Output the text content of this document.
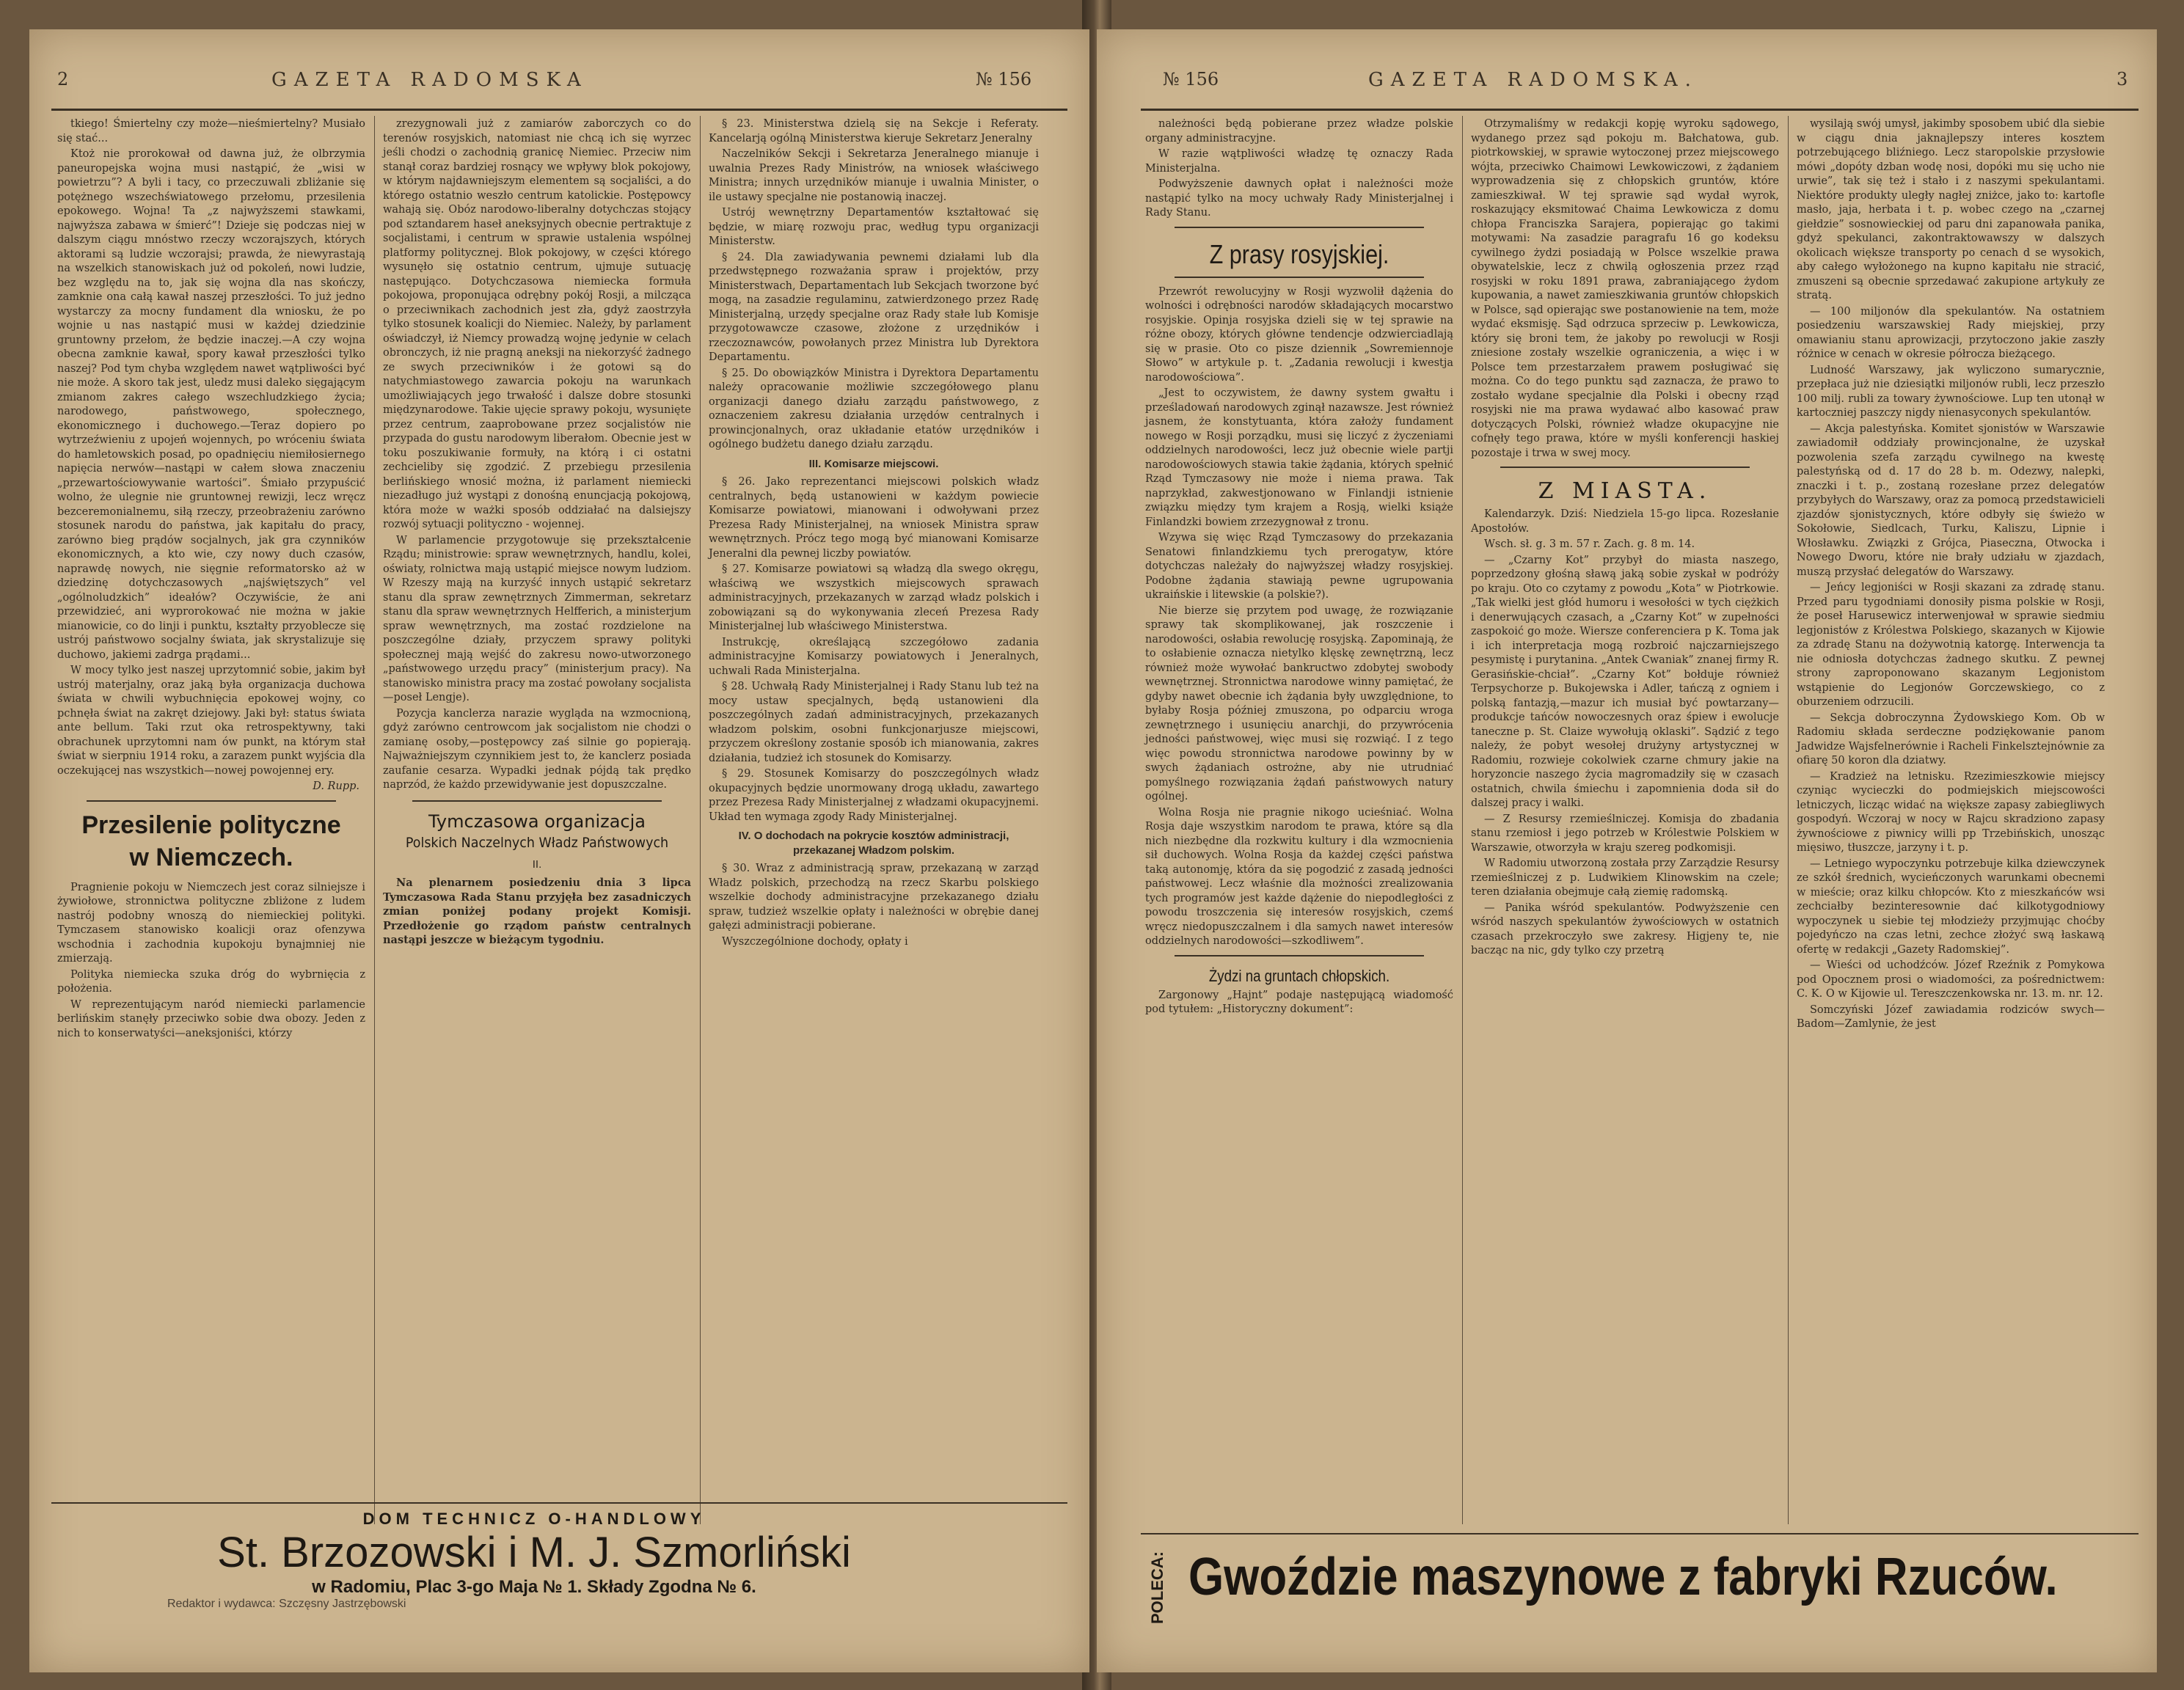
2	GAZETA RADOMSKA	№ 156

tkiego! Śmiertelny czy może—nieśmiertelny? Musiało się stać...

Ktoż nie prorokował od dawna już, że olbrzymia paneuropejska wojna musi nastąpić, że „wisi w powietrzu”? A byli i tacy, co przeczuwali zbliżanie się potężnego wszechświatowego przełomu, przesilenia epokowego. Wojna! Ta „z najwyższemi stawkami, najwyższa zabawa w śmierć”! Dzieje się podczas niej w dalszym ciągu mnóstwo rzeczy wczorajszych, których aktorami są ludzie wczorajsi; prawda, że niewyrastają na wszelkich stanowiskach już od pokoleń, nowi ludzie, bez względu na to, jak się wojna dla nas skończy, zamknie ona całą kawał naszej przeszłości. To już jedno wystarczy za mocny fundament dla wniosku, że po wojnie u nas nastąpić musi w każdej dziedzinie gruntowny przełom, że będzie inaczej.—A czy wojna obecna zamknie kawał, spory kawał przeszłości tylko naszej? Pod tym chyba względem nawet wątpliwości być nie może. A skoro tak jest, uledz musi daleko sięgającym zmianom zakres całego wszechludzkiego życia; narodowego, państwowego, społecznego, ekonomicznego i duchowego.—Teraz dopiero po wytrzeźwieniu z upojeń wojennych, po wróceniu świata do hamletowskich posad, po opadnięciu niemiłosiernego napięcia nerwów—nastąpi w całem słowa znaczeniu „przewartościowywanie wartości”. Śmiało przypuścić wolno, że ulegnie nie gruntownej rewizji, lecz wręcz bezceremonialnemu, siłą rzeczy, przeobrażeniu zarówno stosunek narodu do państwa, jak kapitału do pracy, zarówno bieg prądów socjalnych, jak gra czynników ekonomicznych, a kto wie, czy nowy duch czasów, naprawdę nowych, nie sięgnie reformatorsko aż w dziedzinę dotychczasowych „najświętszych” vel „ogólnoludzkich” ideałów? Oczywiście, że ani przewidzieć, ani wyprorokować nie można w jakie mianowicie, co do linji i punktu, kształty przyoblecze się ustrój państwowo socjalny świata, jak skrystalizuje się duchowo, jakiemi zadrga prądami...

W mocy tylko jest naszej uprzytomnić sobie, jakim był ustrój materjalny, oraz jaką była organizacja duchowa świata w chwili wybuchnięcia epokowej wojny, co pchnęła świat na zakręt dziejowy. Jaki był: status świata ante bellum. Taki rzut oka retrospektywny, taki obrachunek uprzytomni nam ów punkt, na którym stał świat w sierpniu 1914 roku, a zarazem punkt wyjścia dla oczekującej nas wszystkich—nowej powojennej ery.

D. Rupp.
Przesilenie polityczne
w Niemczech.

Pragnienie pokoju w Niemczech jest coraz silniejsze i żywiołowe, stronnictwa polityczne zbliżone z ludem nastrój podobny wnoszą do niemieckiej polityki. Tymczasem stanowisko koalicji oraz ofenzywa wschodnia i zachodnia kupokoju bynajmniej nie zmierzają.

Polityka niemiecka szuka dróg do wybrnięcia z położenia.

W reprezentującym naród niemiecki parlamencie berlińskim stanęły przeciwko sobie dwa obozy. Jeden z nich to konserwatyści—aneksjoniści, którzy

zrezygnowali już z zamiarów zaborczych co do terenów rosyjskich, natomiast nie chcą ich się wyrzec jeśli chodzi o zachodnią granicę Niemiec. Przeciw nim stanął coraz bardziej rosnący we wpływy blok pokojowy, w którym najdawniejszym elementem są socjaliści, a do którego ostatnio weszło centrum katolickie. Postępowcy wahają się. Obóz narodowo-liberalny dotychczas stojący pod sztandarem haseł aneksyjnych obecnie pertraktuje z socjalistami, i centrum w sprawie ustalenia wspólnej platformy politycznej. Blok pokojowy, w części którego wysunęło się ostatnio centrum, ujmuje sutuację następująco. Dotychczasowa niemiecka formuła pokojowa, proponująca odrębny pokój Rosji, a milcząca o przeciwnikach zachodnich jest zła, gdyż zaostrzyła tylko stosunek koalicji do Niemiec. Należy, by parlament oświadczył, iż Niemcy prowadzą wojnę jedynie w celach obronczych, iż nie pragną aneksji na niekorzyść żadnego ze swych przeciwników i że gotowi są do natychmiastowego zawarcia pokoju na warunkach umożliwiających jego trwałość i dalsze dobre stosunki międzynarodowe. Takie ujęcie sprawy pokoju, wysunięte przez centrum, zaaprobowane przez socjalistów nie przypada do gustu narodowym liberałom. Obecnie jest w toku poszukiwanie formuły, na którą i ci ostatni zechcieliby się zgodzić. Z przebiegu przesilenia berlińskiego wnosić można, iż parlament niemiecki niezadługo już wystąpi z donośną enuncjacją pokojową, która może w ważki sposób oddziałać na dalsiejszy rozwój sytuacji polityczno - wojennej.

W parlamencie przygotowuje się przekształcenie Rządu; ministrowie: spraw wewnętrznych, handlu, kolei, oświaty, rolnictwa mają ustąpić miejsce nowym ludziom. W Rzeszy mają na kurzyść innych ustąpić sekretarz stanu dla spraw zewnętrznych Zimmerman, sekretarz stanu dla spraw wewnętrznych Helfferich, a ministerjum spraw wewnętrznych, ma zostać rozdzielone na poszczególne działy, przyczem sprawy polityki społecznej mają wejść do zakresu nowo-utworzonego „państwowego urzędu pracy” (ministerjum pracy). Na stanowisko ministra pracy ma zostać powołany socjalista—poseł Lengje).

Pozycja kanclerza narazie wygląda na wzmocnioną, gdyż zarówno centrowcom jak socjalistom nie chodzi o zamianę osoby,—postępowcy zaś silnie go popierają. Najważniejszym czynnikiem jest to, że kanclerz posiada zaufanie cesarza. Wypadki jednak pójdą tak prędko naprzód, że każdo przewidywanie jest dopuszczalne.

Tymczasowa organizacja
Polskich Naczelnych Władz Państwowych
II.

Na plenarnem posiedzeniu dnia 3 lipca Tymczasowa Rada Stanu przyjęła bez zasadniczych zmian poniżej podany projekt Komisji. Przedłożenie go rządom państw centralnych nastąpi jeszcze w bieżącym tygodniu.

§ 23. Ministerstwa dzielą się na Sekcje i Referaty. Kancelarją ogólną Ministerstwa kieruje Sekretarz Jeneralny

Naczelników Sekcji i Sekretarza Jeneralnego mianuje i uwalnia Prezes Rady Ministrów, na wniosek właściwego Ministra; innych urzędników mianuje i uwalnia Minister, o ile ustawy specjalne nie postanowią inaczej.

Ustrój wewnętrzny Departamentów kształtować się będzie, w miarę rozwoju prac, według typu organizacji Ministerstw.

§ 24. Dla zawiadywania pewnemi działami lub dla przedwstępnego rozważania spraw i projektów, przy Ministerstwach, Departamentach lub Sekcjach tworzone być mogą, na zasadzie regulaminu, zatwierdzonego przez Radę Ministerjalną, urzędy specjalne oraz Rady stałe lub Komisje przygotowawcze czasowe, złożone z urzędników i rzeczoznawców, powołanych przez Ministra lub Dyrektora Departamentu.

§ 25. Do obowiązków Ministra i Dyrektora Departamentu należy opracowanie możliwie szczegółowego planu organizacji danego działu zarządu państwowego, z oznaczeniem zakresu działania urzędów centralnych i prowincjonalnych, oraz układanie etatów urzędników i ogólnego budżetu danego działu zarządu.

III. Komisarze miejscowi.

§ 26. Jako reprezentanci miejscowi polskich władz centralnych, będą ustanowieni w każdym powiecie Komisarze powiatowi, mianowani i odwoływani przez Prezesa Rady Ministerjalnej, na wniosek Ministra spraw wewnętrznych. Prócz tego mogą być mianowani Komisarze Jeneralni dla pewnej liczby powiatów.

§ 27. Komisarze powiatowi są władzą dla swego okręgu, właściwą we wszystkich miejscowych sprawach administracyjnych, przekazanych w zarząd władz polskich i zobowiązani są do wykonywania zleceń Prezesa Rady Ministerjalnej lub właściwego Ministerstwa.

Instrukcję, określającą szczegółowo zadania administracyjne Komisarzy powiatowych i Jeneralnych, uchwali Rada Ministerjalna.

§ 28. Uchwałą Rady Ministerjalnej i Rady Stanu lub też na mocy ustaw specjalnych, będą ustanowieni dla poszczególnych zadań administracyjnych, przekazanych władzom polskim, osobni funkcjonarjusze miejscowi, przyczem określony zostanie sposób ich mianowania, zakres działania, tudzież ich stosunek do Komisarzy.

§ 29. Stosunek Komisarzy do poszczególnych władz okupacyjnych będzie unormowany drogą układu, zawartego przez Prezesa Rady Ministerjalnej z władzami okupacyjnemi. Układ ten wymaga zgody Rady Ministerjalnej.

IV. O dochodach na pokrycie kosztów administracji, przekazanej Władzom polskim.

§ 30. Wraz z administracją spraw, przekazaną w zarząd Władz polskich, przechodzą na rzecz Skarbu polskiego wszelkie dochody administracyjne przekazanego działu spraw, tudzież wszelkie opłaty i należności w obrębie danej gałęzi administracji pobierane.

Wyszczególnione dochody, opłaty i

DOM TECHNICZ O-HANDLOWY
St. Brzozowski i M. J. Szmorliński
w Radomiu, Plac 3-go Maja № 1. Składy Zgodna № 6.
Redaktor i wydawca: Szczęsny Jastrzębowski
№ 156	GAZETA RADOMSKA.	3

należności będą pobierane przez władze polskie organy administracyjne.

W razie wątpliwości władzę tę oznaczy Rada Ministerjalna.

Podwyższenie dawnych opłat i należności może nastąpić tylko na mocy uchwały Rady Ministerjalnej i Rady Stanu.

Z prasy rosyjskiej.

Przewrót rewolucyjny w Rosji wyzwolił dążenia do wolności i odrębności narodów składających mocarstwo rosyjskie. Opinja rosyjska dzieli się w tej sprawie na różne obozy, których główne tendencje odzwierciadlają się w prasie. Oto co pisze dziennik „Sowremiennoje Słowo” w artykule p. t. „Zadania rewolucji i kwestja narodowościowa”.

„Jest to oczywistem, że dawny system gwałtu i prześladowań narodowych zginął nazawsze. Jest również jasnem, że konstytuanta, która założy fundament nowego w Rosji porządku, musi się liczyć z życzeniami oddzielnych narodowości, lecz już obecnie wiele partji narodowościowych stawia takie żądania, których spełnić Rząd Tymczasowy nie może i niema prawa. Tak naprzykład, zakwestjonowano w Finlandji istnienie związku między tym krajem a Rosją, wielki książe Finlandzki bowiem zrzezygnował z tronu.

Wzywa się więc Rząd Tymczasowy do przekazania Senatowi finlandzkiemu tych prerogatyw, które dotychczas należały do najwyższej władzy rosyjskiej. Podobne żądania stawiają pewne ugrupowania ukraińskie i litewskie (a polskie?).

Nie bierze się przytem pod uwagę, że rozwiązanie sprawy tak skomplikowanej, jak roszczenie i narodowości, osłabia rewolucję rosyjską. Zapominają, że to osłabienie oznacza nietylko klęskę zewnętrzną, lecz również może wywołać bankructwo zdobytej swobody wewnętrznej. Stronnictwa narodowe winny pamiętać, że gdyby nawet obecnie ich żądania były uwzględnione, to byłaby Rosja później zmuszona, po odparciu wroga zewnętrznego i usunięciu anarchji, do przywrócenia jedności państwowej, więc musi się rozwiąć. I z tego więc powodu stronnictwa narodowe powinny by w swych żądaniach ostrożne, aby nie utrudniać pomyślnego rozwiązania żądań państwowych natury ogólnej.

Wolna Rosja nie pragnie nikogo ucieśniać. Wolna Rosja daje wszystkim narodom te prawa, które są dla nich niezbędne dla rozkwitu kultury i dla wzmocnienia sił duchowych. Wolna Rosja da każdej części państwa taką autonomję, która da się pogodzić z zasadą jedności państwowej. Lecz właśnie dla możności zrealizowania tych programów jest każde dążenie do niepodległości z powodu troszczenia się interesów rosyjskich, czemś wręcz niedopuszczalnem i dla samych nawet interesów oddzielnych narodowości—szkodliwem”.

Żydzi na gruntach chłopskich.

Zargonowy „Hajnt” podaje następującą wiadomość pod tytułem: „Historyczny dokument”:

Otrzymaliśmy w redakcji kopję wyroku sądowego, wydanego przez sąd pokoju m. Bałchatowa, gub. piotrkowskiej, w sprawie wytoczonej przez miejscowego wójta, przeciwko Chaimowi Lewkowiczowi, z żądaniem wyprowadzenia się z chłopskich gruntów, które zamieszkiwał. W tej sprawie sąd wydał wyrok, roskazujący eksmitować Chaima Lewkowicza z domu chłopa Franciszka Sarajera, popierając go takimi motywami: Na zasadzie paragrafu 16 go kodeksu cywilnego żydzi posiadają w Polsce wszelkie prawa obywatelskie, lecz z chwilą ogłoszenia przez rząd rosyjski w roku 1891 prawa, zabraniającego żydom kupowania, a nawet zamieszkiwania gruntów chłopskich w Polsce, sąd opierając swe postanowienie na tem, może wydać eksmisję. Sąd odrzuca sprzeciw p. Lewkowicza, który się broni tem, że jakoby po rewolucji w Rosji zniesione zostały wszelkie ograniczenia, a więc i w Polsce tem przestarzałem prawem posługiwać się można. Co do tego punktu sąd zaznacza, że prawo to zostało wydane specjalnie dla Polski i obecny rząd rosyjski nie ma prawa wydawać albo kasować praw dotyczących Polski, również władze okupacyjne nie cofnęły tego prawa, które w myśli konferencji haskiej pozostaje i trwa w swej mocy.

Z MIASTA.

Kalendarzyk. Dziś: Niedziela 15-go lipca. Rozesłanie Apostołów.

Wsch. sł. g. 3 m. 57 r. Zach. g. 8 m. 14.

— „Czarny Kot” przybył do miasta naszego, poprzedzony głośną sławą jaką sobie zyskał w podróży po kraju. Oto co czytamy z powodu „Kota” w Piotrkowie. „Tak wielki jest głód humoru i wesołości w tych ciężkich i denerwujących czasach, a „Czarny Kot” w zupełności zaspokoić go może. Wiersze conferenciera p K. Toma jak i ich interpretacja mogą rozbroić najczarniejszego pesymistę i purytanina. „Antek Cwaniak” znanej firmy R. Gerasińskie-chciał”. „Czarny Kot” bołduje również Terpsychorze p. Bukojewska i Adler, tańczą z ogniem i polską fantazją,—mazur ich musiał być powtarzany—produkcje tańców nowoczesnych oraz śpiew i ewolucje taneczne p. St. Claize wywołują oklaski”. Sądzić z tego należy, że pobyt wesołej drużyny artystycznej w Radomiu, rozwieje cokolwiek czarne chmury jakie na horyzoncie naszego życia magromadziły się w czasach ostatnich, chwila śmiechu i zapomnienia doda sił do dalszej pracy i walki.

— Z Resursy rzemieślniczej. Komisja do zbadania stanu rzemiosł i jego potrzeb w Królestwie Polskiem w Warszawie, otworzyła w kraju szereg podkomisji.

W Radomiu utworzoną została przy Zarządzie Resursy rzemieślniczej z p. Ludwikiem Klinowskim na czele; teren działania obejmuje całą ziemię radomską.

— Panika wśród spekulantów. Podwyższenie cen wśród naszych spekulantów żywościowych w ostatnich czasach przekroczyło swe zakresy. Higjeny te, nie bacząc na nic, gdy tylko czy przetrą

wysilają swój umysł, jakimby sposobem ubić dla siebie w ciągu dnia jaknajlepszy interes kosztem potrzebującego bliźniego. Lecz staropolskie przysłowie mówi „dopóty dzban wodę nosi, dopóki mu się ucho nie urwie”, tak się też i stało i z naszymi spekulantami. Niektóre produkty uległy nagłej zniżce, jako to: kartofle masło, jaja, herbata i t. p. wobec czego na „czarnej giełdzie” sosnowieckiej od paru dni zapanowała panika, gdyż spekulanci, zakontraktowawszy w dalszych okolicach większe transporty po cenach d se wysokich, aby całego wyłożonego na kupno kapitału nie stracić, zmuszeni są obecnie sprzedawać zakupione artykuły ze stratą.

— 100 miljonów dla spekulantów. Na ostatniem posiedzeniu warszawskiej Rady miejskiej, przy omawianiu stanu aprowizacji, przytoczono jakie zaszły różnice w cenach w okresie półrocza bieżącego.

Ludność Warszawy, jak wyliczono sumarycznie, przepłaca już nie dziesiątki miljonów rubli, lecz przeszło 100 milj. rubli za towary żywnościowe. Lup ten utonął w kartoczniej paszczy nigdy nienasyconych spekulantów.

— Akcja palestyńska. Komitet sjonistów w Warszawie zawiadomił oddziały prowincjonalne, że uzyskał pozwolenia szefa zarządu cywilnego na kwestę palestyńską od d. 17 do 28 b. m. Odezwy, nalepki, znaczki i t. p., zostaną rozesłane przez delegatów przybyłych do Warszawy, oraz za pomocą przedstawicieli zjazdów sjonistycznych, które odbyły się świeżo w Sokołowie, Siedlcach, Turku, Kaliszu, Lipnie i Włosławku. Związki z Grójca, Piaseczna, Otwocka i Nowego Dworu, które nie brały udziału w zjazdach, muszą przysłać delegatów do Warszawy.

— Jeńcy legjoniści w Rosji skazani za zdradę stanu. Przed paru tygodniami donosiły pisma polskie w Rosji, że poseł Harusewicz interwenjował w sprawie siedmiu legjonistów z Królestwa Polskiego, skazanych w Kijowie za zdradę Stanu na dożywotnią katorgę. Interwencja ta nie odniosła dotychczas żadnego skutku. Z pewnej strony zaproponowano skazanym Legjonistom wstąpienie do Legjonów Gorczewskiego, co z oburzeniem odrzucili.

— Sekcja dobroczynna Żydowskiego Kom. Ob w Radomiu składa serdeczne podziękowanie panom Jadwidze Wajsfelnerównie i Racheli Finkelsztejnównie za ofiarę 50 koron dla dziatwy.

— Kradzież na letnisku. Rzezimieszkowie miejscy czyniąc wycieczki do podmiejskich miejscowości letniczych, licząc widać na większe zapasy zabiegliwych gospodyń. Wczoraj w nocy w Rajcu skradziono zapasy żywnościowe z piwnicy willi pp Trzebińskich, unosząc mięsiwo, tłuszcze, jarzyny i t. p.

— Letniego wypoczynku potrzebuje kilka dziewczynek ze szkół średnich, wycieńczonych warunkami obecnemi w mieście; oraz kilku chłopców. Kto z mieszkańców wsi zechciałby bezinteresownie dać kilkotygodniowy wypoczynek u siebie tej młodzieży przyjmując choćby pojedyńczo na czas letni, zechce złożyć swą łaskawą ofertę w redakcji „Gazety Radomskiej”.

— Wieści od uchodźców. Józef Rzeźnik z Pomykowa pod Opocznem prosi o wiadomości, za pośrednictwem: C. K. O w Kijowie ul. Tereszczenkowska nr. 13. m. nr. 12.

Somczyński Józef zawiadamia rodziców swych—Badom—Zamlynie, że jest

POLECA: Gwoździe maszynowe z fabryki Rzuców.
